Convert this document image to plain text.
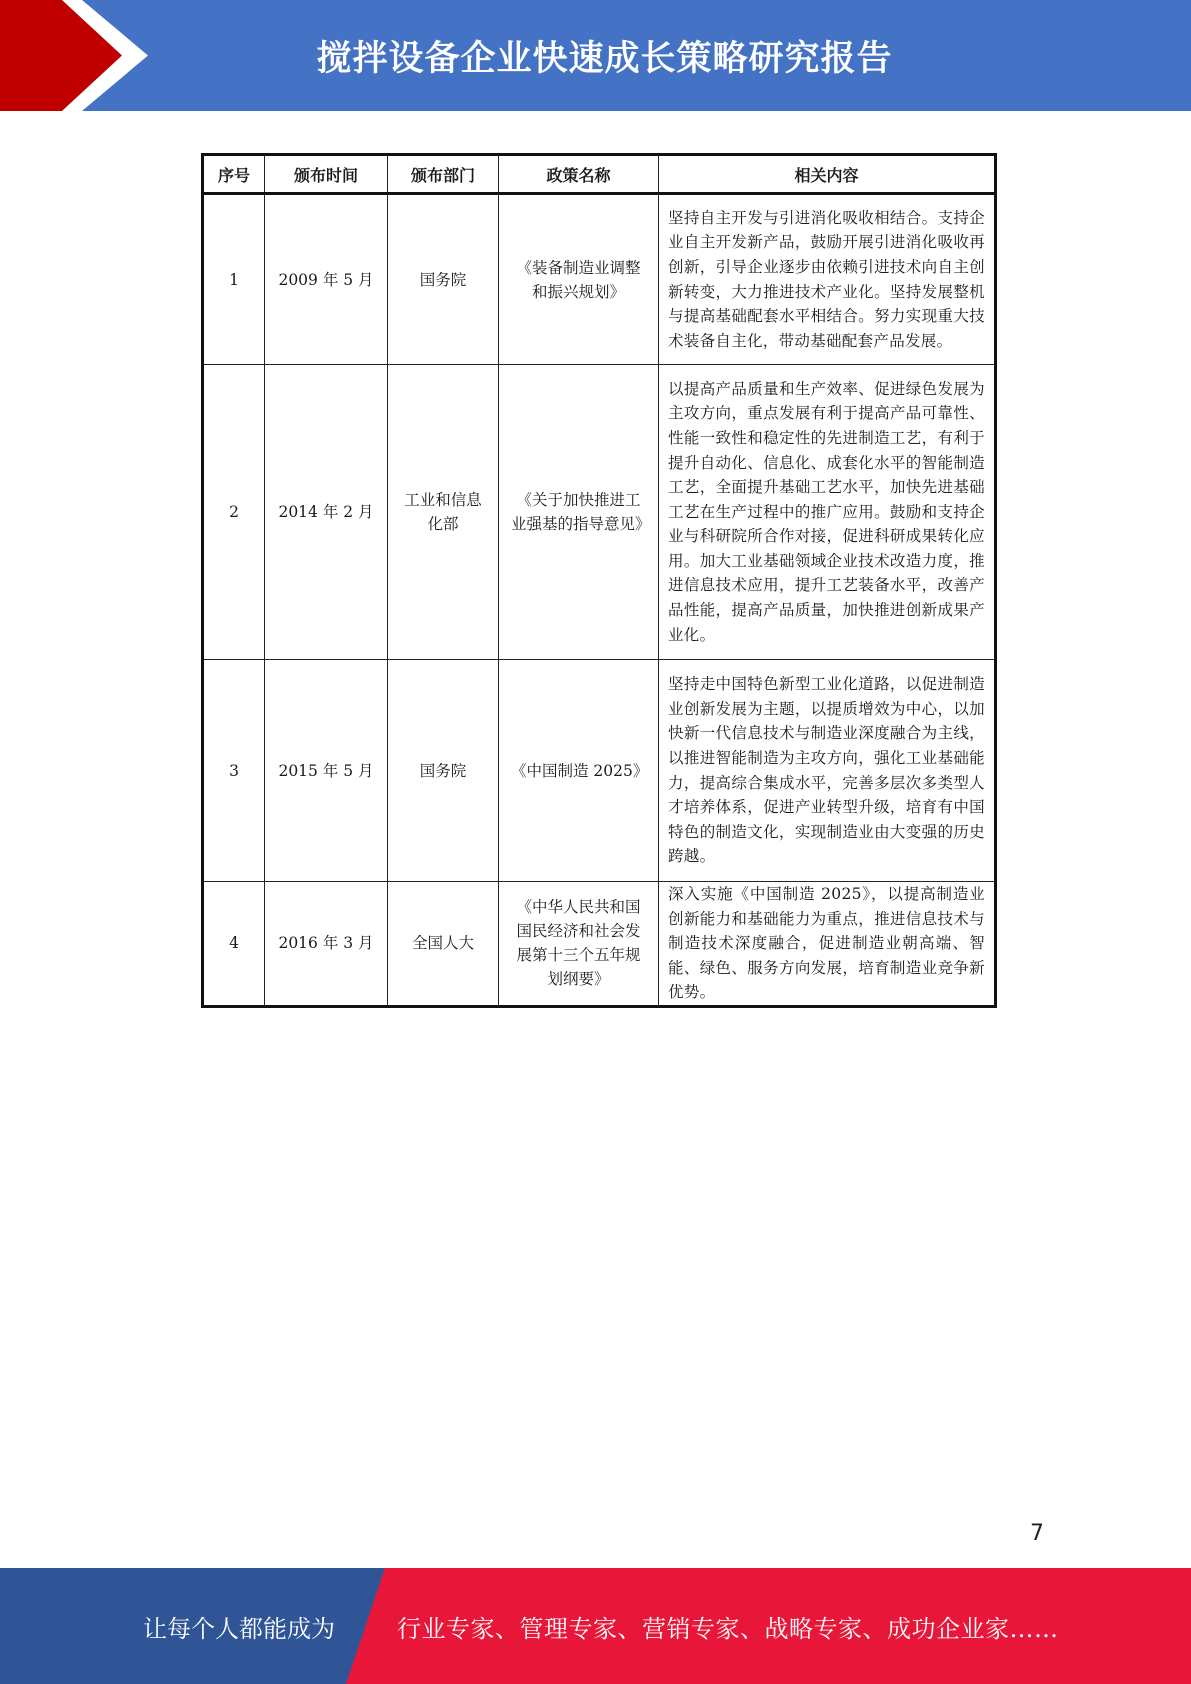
搅拌设备企业快速成长策略研究报告
序号	颁布时间	颁布部门	政策名称	相关内容
1	2009 年 5 月	国务院	《装备制造业调整和振兴规划》	坚持自主开发与引进消化吸收相结合。支持企业自主开发新产品，鼓励开展引进消化吸收再创新，引导企业逐步由依赖引进技术向自主创新转变，大力推进技术产业化。坚持发展整机与提高基础配套水平相结合。努力实现重大技术装备自主化，带动基础配套产品发展。
2	2014 年 2 月	工业和信息化部	《关于加快推进工业强基的指导意见》	以提高产品质量和生产效率、促进绿色发展为主攻方向，重点发展有利于提高产品可靠性、性能一致性和稳定性的先进制造工艺，有利于提升自动化、信息化、成套化水平的智能制造工艺，全面提升基础工艺水平，加快先进基础工艺在生产过程中的推广应用。鼓励和支持企业与科研院所合作对接，促进科研成果转化应用。加大工业基础领域企业技术改造力度，推进信息技术应用，提升工艺装备水平，改善产品性能，提高产品质量，加快推进创新成果产业化。
3	2015 年 5 月	国务院	《中国制造 2025》	坚持走中国特色新型工业化道路，以促进制造业创新发展为主题，以提质增效为中心，以加快新一代信息技术与制造业深度融合为主线，以推进智能制造为主攻方向，强化工业基础能力，提高综合集成水平，完善多层次多类型人才培养体系，促进产业转型升级，培育有中国特色的制造文化，实现制造业由大变强的历史跨越。
4	2016 年 3 月	全国人大	《中华人民共和国国民经济和社会发展第十三个五年规划纲要》	深入实施《中国制造 2025》，以提高制造业创新能力和基础能力为重点，推进信息技术与制造技术深度融合，促进制造业朝高端、智能、绿色、服务方向发展，培育制造业竞争新优势。
7
让每个人都能成为	行业专家、管理专家、营销专家、战略专家、成功企业家……
